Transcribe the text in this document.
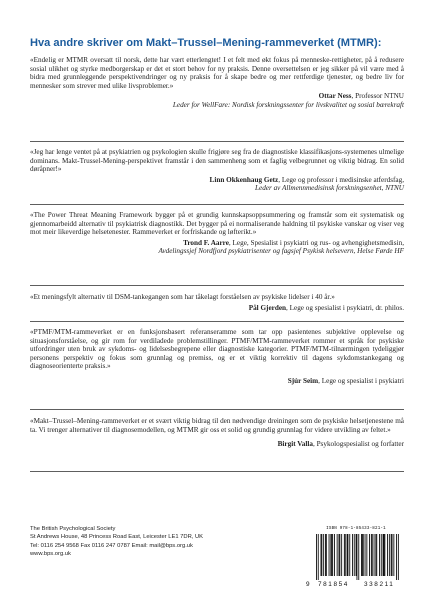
Hva andre skriver om Makt–Trussel–Mening-rammeverket (MTMR):

«Endelig er MTMR oversatt til norsk, dette har vært etterlengtet! I et felt med økt fokus på menneske-rettigheter, på å redusere sosial ulikhet og styrke medborgerskap er det et stort behov for ny praksis. Denne oversettelsen er jeg sikker på vil være med å bidra med grunnleggende perspektivendringer og ny praksis for å skape bedre og mer rettferdige tjenester, og bedre liv for mennesker som strever med ulike livsproblemer.»

Ottar Ness, Professor NTNU

Leder for WellFare: Nordisk forskningssenter for livskvalitet og sosial bærekraft

«Jeg har lenge ventet på at psykiatrien og psykologien skulle frigjøre seg fra de diagnostiske klassifikasjons-systemenes ulmelige dominans. Makt-Trussel-Mening-perspektivet framstår i den sammenheng som et faglig velbegrunnet og viktig bidrag. En solid døråpner!»

Linn Okkenhaug Getz, Lege og professor i medisinske atferdsfag,

Leder av Allmennmedisinsk forskningsenhet, NTNU

«The Power Threat Meaning Framework bygger på et grundig kunnskapsoppsummering og framstår som eit systematisk og gjennomarbeidd alternativ til psykiatrisk diagnostikk. Det bygger på ei normaliserande haldning til psykiske vanskar og viser veg mot meir likeverdige helsetenester. Rammeverket er forfriskande og løfterikt.»

Trond F. Aarre, Lege, Spesialist i psykiatri og rus- og avhengighetsmedisin,

Avdelingssjef Nordfjord psykiatrisenter og fagsjef Psykisk helsevern, Helse Førde HF

«Et meningsfylt alternativ til DSM-tankegangen som har tåkelagt forståelsen av psykiske lidelser i 40 år.»

Pål Gjerden, Lege og spesialist i psykiatri, dr. philos.

«PTMF/MTM-rammeverket er en funksjonsbasert referanseramme som tar opp pasientenes subjektive opplevelse og situasjonsforståelse, og gir rom for verdiladede problemstillinger. PTMF/MTM-rammeverket rommer et språk for psykiske utfordringer uten bruk av sykdoms- og lidelsesbegrepene eller diagnostiske kategorier. PTMF/MTM-tilnærmingen tydeliggjør personens perspektiv og fokus som grunnlag og premiss, og er et viktig korrektiv til dagens sykdomstankegang og diagnoseorienterte praksis.»

Sjúr Seim, Lege og spesialist i psykiatri

«Makt–Trussel–Mening-rammeverket er et svært viktig bidrag til den nødvendige dreiningen som de psykiske helsetjenestene må ta. Vi trenger alternativer til diagnosemodellen, og MTMR gir oss et solid og grundig grunnlag for videre utvikling av feltet.»

Birgit Valla, Psykologspesialist og forfatter

The British Psychological Society
St Andrews House, 48 Princess Road East, Leicester LE1 7DR, UK
Tel: 0116 254 9568 Fax 0116 247 0787 Email: mail@bps.org.uk
www.bps.org.uk
ISBN 978-1-85433-821-1
9 781854 338211
